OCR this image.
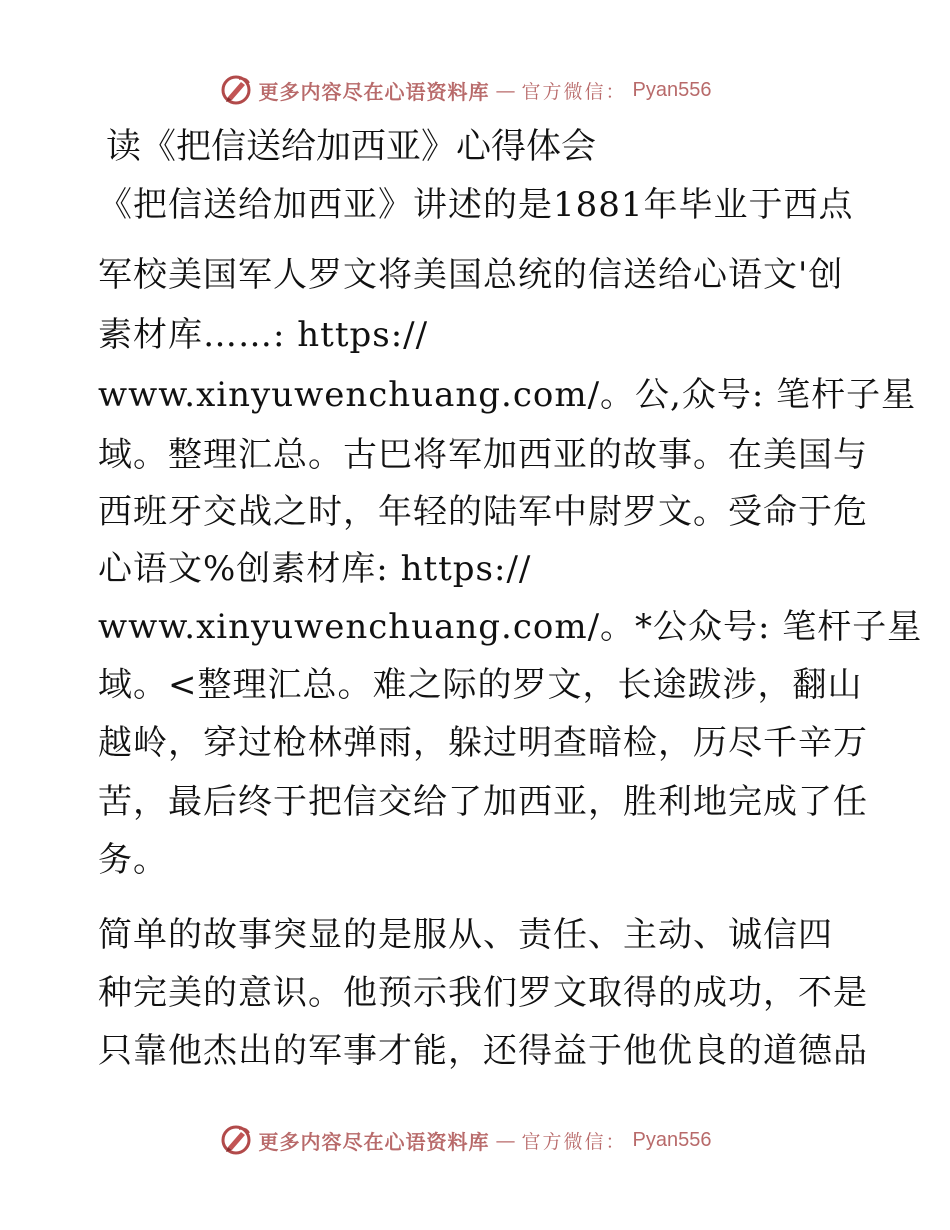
更多内容尽在心语资料库 — 官方微信： Pyan556
读《把信送给加西亚》心得体会
《把信送给加西亚》讲述的是1881年毕业于西点
军校美国军人罗文将美国总统的信送给心语文'创
素材库……: https://
www.xinyuwenchuang.com/。公,众号: 笔杆子星
域。整理汇总。古巴将军加西亚的故事。在美国与
西班牙交战之时，年轻的陆军中尉罗文。受命于危
心语文%创素材库: https://
www.xinyuwenchuang.com/。*公众号: 笔杆子星
域。<整理汇总。难之际的罗文，长途跋涉，翻山
越岭，穿过枪林弹雨，躲过明查暗检，历尽千辛万
苦，最后终于把信交给了加西亚，胜利地完成了任
务。
简单的故事突显的是服从、责任、主动、诚信四
种完美的意识。他预示我们罗文取得的成功，不是
只靠他杰出的军事才能，还得益于他优良的道德品
更多内容尽在心语资料库 — 官方微信： Pyan556
